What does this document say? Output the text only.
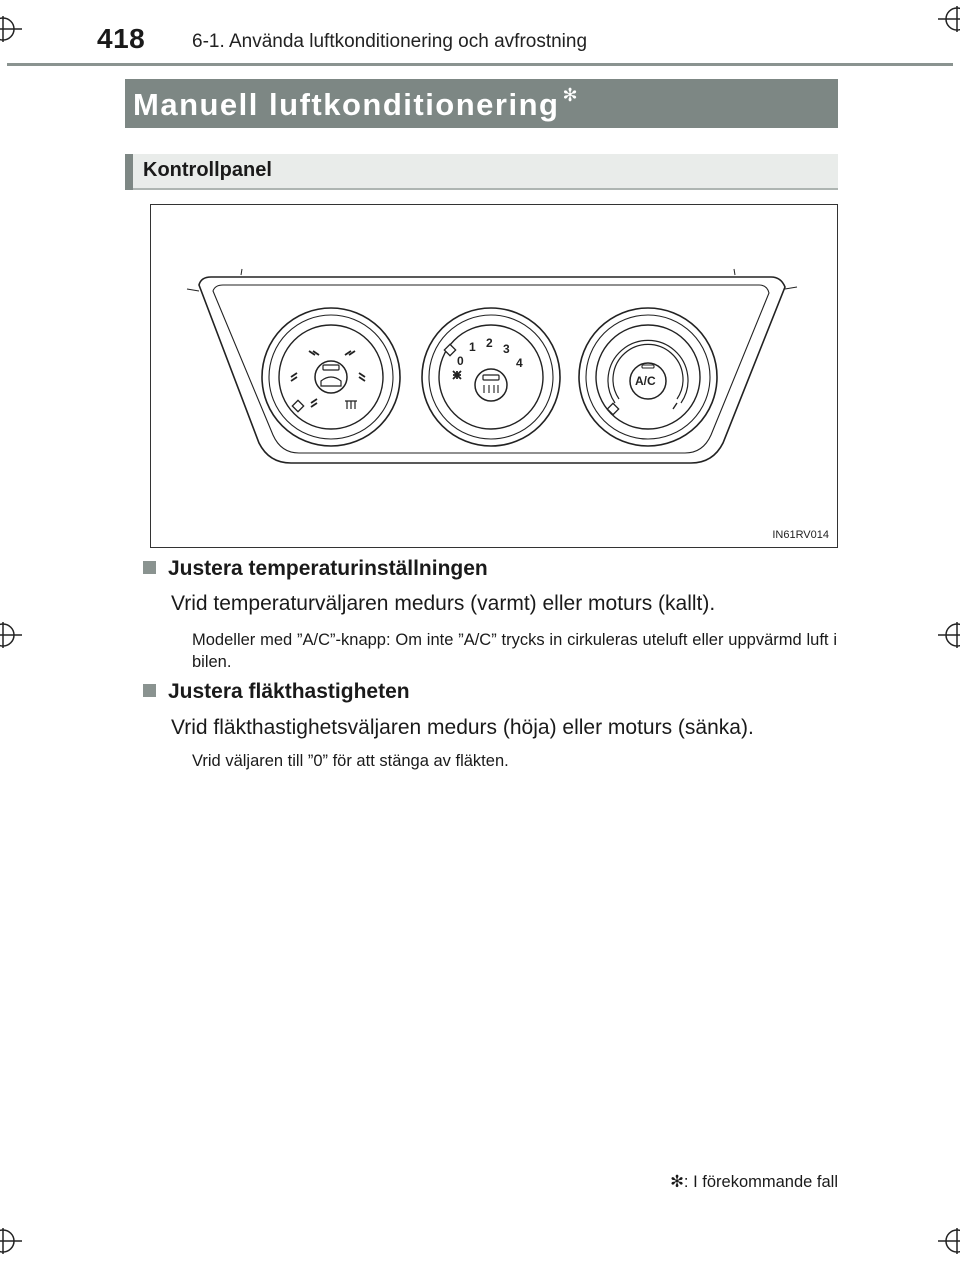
418 6-1. Använda luftkonditionering och avfrostning
Manuell luftkonditionering ✻
Kontrollpanel
0
1 2 3
4
A/C
IN61RV014
Justera temperaturinställningen
Vrid temperaturväljaren medurs (varmt) eller moturs (kallt).
Modeller med ”A/C”-knapp: Om inte ”A/C” trycks in cirkuleras uteluft eller uppvärmd luft i bilen.
Justera fläkthastigheten
Vrid fläkthastighetsväljaren medurs (höja) eller moturs (sänka).
Vrid väljaren till ”0” för att stänga av fläkten.
✻: I förekommande fall
